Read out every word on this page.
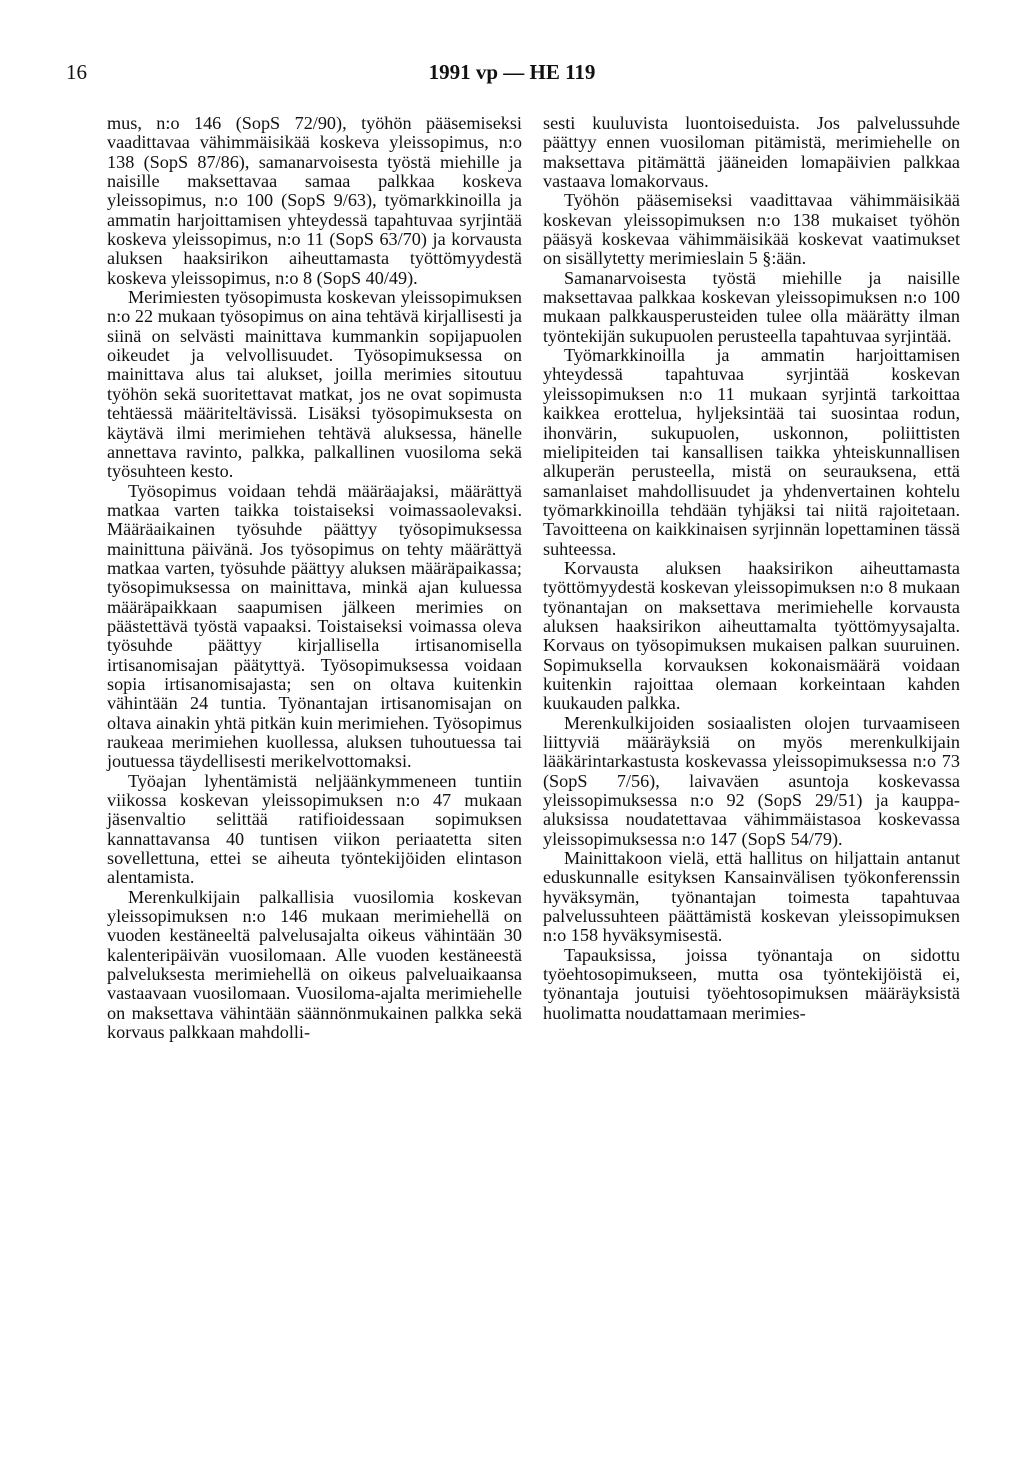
16	1991 vp — HE 119

mus, n:o 146 (SopS 72/90), työhön pääsemiseksi vaadittavaa vähimmäisikää koskeva yleissopimus, n:o 138 (SopS 87/86), samanarvoisesta työstä miehille ja naisille maksettavaa samaa palkkaa koskeva yleissopimus, n:o 100 (SopS 9/63), työmarkkinoilla ja ammatin harjoittamisen yhteydessä tapahtuvaa syrjintää koskeva yleissopimus, n:o 11 (SopS 63/70) ja korvausta aluksen haaksirikon aiheuttamasta työttömyydestä koskeva yleissopimus, n:o 8 (SopS 40/49).

Merimiesten työsopimusta koskevan yleissopimuksen n:o 22 mukaan työsopimus on aina tehtävä kirjallisesti ja siinä on selvästi mainittava kummankin sopijapuolen oikeudet ja velvollisuudet. Työsopimuksessa on mainittava alus tai alukset, joilla merimies sitoutuu työhön sekä suoritettavat matkat, jos ne ovat sopimusta tehtäessä määriteltävissä. Lisäksi työsopimuksesta on käytävä ilmi merimiehen tehtävä aluksessa, hänelle annettava ravinto, palkka, palkallinen vuosiloma sekä työsuhteen kesto.

Työsopimus voidaan tehdä määräajaksi, määrättyä matkaa varten taikka toistaiseksi voimassaolevaksi. Määräaikainen työsuhde päättyy työsopimuksessa mainittuna päivänä. Jos työsopimus on tehty määrättyä matkaa varten, työsuhde päättyy aluksen määräpaikassa; työsopimuksessa on mainittava, minkä ajan kuluessa määräpaikkaan saapumisen jälkeen merimies on päästettävä työstä vapaaksi. Toistaiseksi voimassa oleva työsuhde päättyy kirjallisella irtisanomisella irtisanomisajan päätyttyä. Työsopimuksessa voidaan sopia irtisanomisajasta; sen on oltava kuitenkin vähintään 24 tuntia. Työnantajan irtisanomisajan on oltava ainakin yhtä pitkän kuin merimiehen. Työsopimus raukeaa merimiehen kuollessa, aluksen tuhoutuessa tai joutuessa täydellisesti merikelvottomaksi.

Työajan lyhentämistä neljäänkymmeneen tuntiin viikossa koskevan yleissopimuksen n:o 47 mukaan jäsenvaltio selittää ratifioidessaan sopimuksen kannattavansa 40 tuntisen viikon periaatetta siten sovellettuna, ettei se aiheuta työntekijöiden elintason alentamista.

Merenkulkijain palkallisia vuosilomia koskevan yleissopimuksen n:o 146 mukaan merimiehellä on vuoden kestäneeltä palvelusajalta oikeus vähintään 30 kalenteripäivän vuosilomaan. Alle vuoden kestäneestä palveluksesta merimiehellä on oikeus palveluaikaansa vastaavaan vuosilomaan. Vuosiloma-ajalta merimiehelle on maksettava vähintään säännönmukainen palkka sekä korvaus palkkaan mahdolli-

sesti kuuluvista luontoiseduista. Jos palvelussuhde päättyy ennen vuosiloman pitämistä, merimiehelle on maksettava pitämättä jääneiden lomapäivien palkkaa vastaava lomakorvaus.

Työhön pääsemiseksi vaadittavaa vähimmäisikää koskevan yleissopimuksen n:o 138 mukaiset työhön pääsyä koskevaa vähimmäisikää koskevat vaatimukset on sisällytetty merimieslain 5 §:ään.

Samanarvoisesta työstä miehille ja naisille maksettavaa palkkaa koskevan yleissopimuksen n:o 100 mukaan palkkausperusteiden tulee olla määrätty ilman työntekijän sukupuolen perusteella tapahtuvaa syrjintää.

Työmarkkinoilla ja ammatin harjoittamisen yhteydessä tapahtuvaa syrjintää koskevan yleissopimuksen n:o 11 mukaan syrjintä tarkoittaa kaikkea erottelua, hyljeksintää tai suosintaa rodun, ihonvärin, sukupuolen, uskonnon, poliittisten mielipiteiden tai kansallisen taikka yhteiskunnallisen alkuperän perusteella, mistä on seurauksena, että samanlaiset mahdollisuudet ja yhdenvertainen kohtelu työmarkkinoilla tehdään tyhjäksi tai niitä rajoitetaan. Tavoitteena on kaikkinaisen syrjinnän lopettaminen tässä suhteessa.

Korvausta aluksen haaksirikon aiheuttamasta työttömyydestä koskevan yleissopimuksen n:o 8 mukaan työnantajan on maksettava merimiehelle korvausta aluksen haaksirikon aiheuttamalta työttömyysajalta. Korvaus on työsopimuksen mukaisen palkan suuruinen. Sopimuksella korvauksen kokonaismäärä voidaan kuitenkin rajoittaa olemaan korkeintaan kahden kuukauden palkka.

Merenkulkijoiden sosiaalisten olojen turvaamiseen liittyviä määräyksiä on myös merenkulkijain lääkärintarkastusta koskevassa yleissopimuksessa n:o 73 (SopS 7/56), laivaväen asuntoja koskevassa yleissopimuksessa n:o 92 (SopS 29/51) ja kauppa-aluksissa noudatettavaa vähimmäistasoa koskevassa yleissopimuksessa n:o 147 (SopS 54/79).

Mainittakoon vielä, että hallitus on hiljattain antanut eduskunnalle esityksen Kansainvälisen työkonferenssin hyväksymän, työnantajan toimesta tapahtuvaa palvelussuhteen päättämistä koskevan yleissopimuksen n:o 158 hyväksymisestä.

Tapauksissa, joissa työnantaja on sidottu työehtosopimukseen, mutta osa työntekijöistä ei, työnantaja joutuisi työehtosopimuksen määräyksistä huolimatta noudattamaan merimies-
